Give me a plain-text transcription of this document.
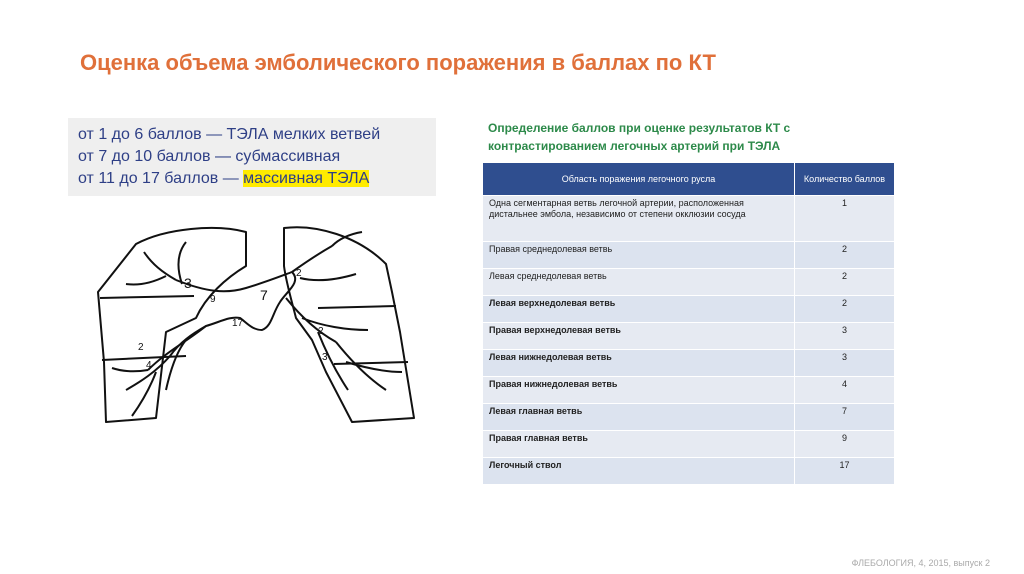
Оценка объема эмболического поражения в баллах по КТ
от 1 до 6 баллов — ТЭЛА мелких ветвей
от 7 до 10 баллов — субмассивная
от 11 до 17 баллов — массивная ТЭЛА
Определение баллов при оценке результатов КТ с контрастированием легочных артерий при ТЭЛА
Область поражения легочного русла	Количество баллов
Одна сегментарная ветвь легочной артерии, расположенная дистальнее эмбола, независимо от степени окклюзии сосуда	1
Правая среднедолевая ветвь	2
Левая среднедолевая ветвь	2
Левая верхнедолевая ветвь	2
Правая верхнедолевая ветвь	3
Левая нижнедолевая ветвь	3
Правая нижнедолевая ветвь	4
Левая главная ветвь	7
Правая главная ветвь	9
Легочный ствол	17
3
7
9
17
2
3
2
2
4
ФЛЕБОЛОГИЯ, 4, 2015, выпуск 2
